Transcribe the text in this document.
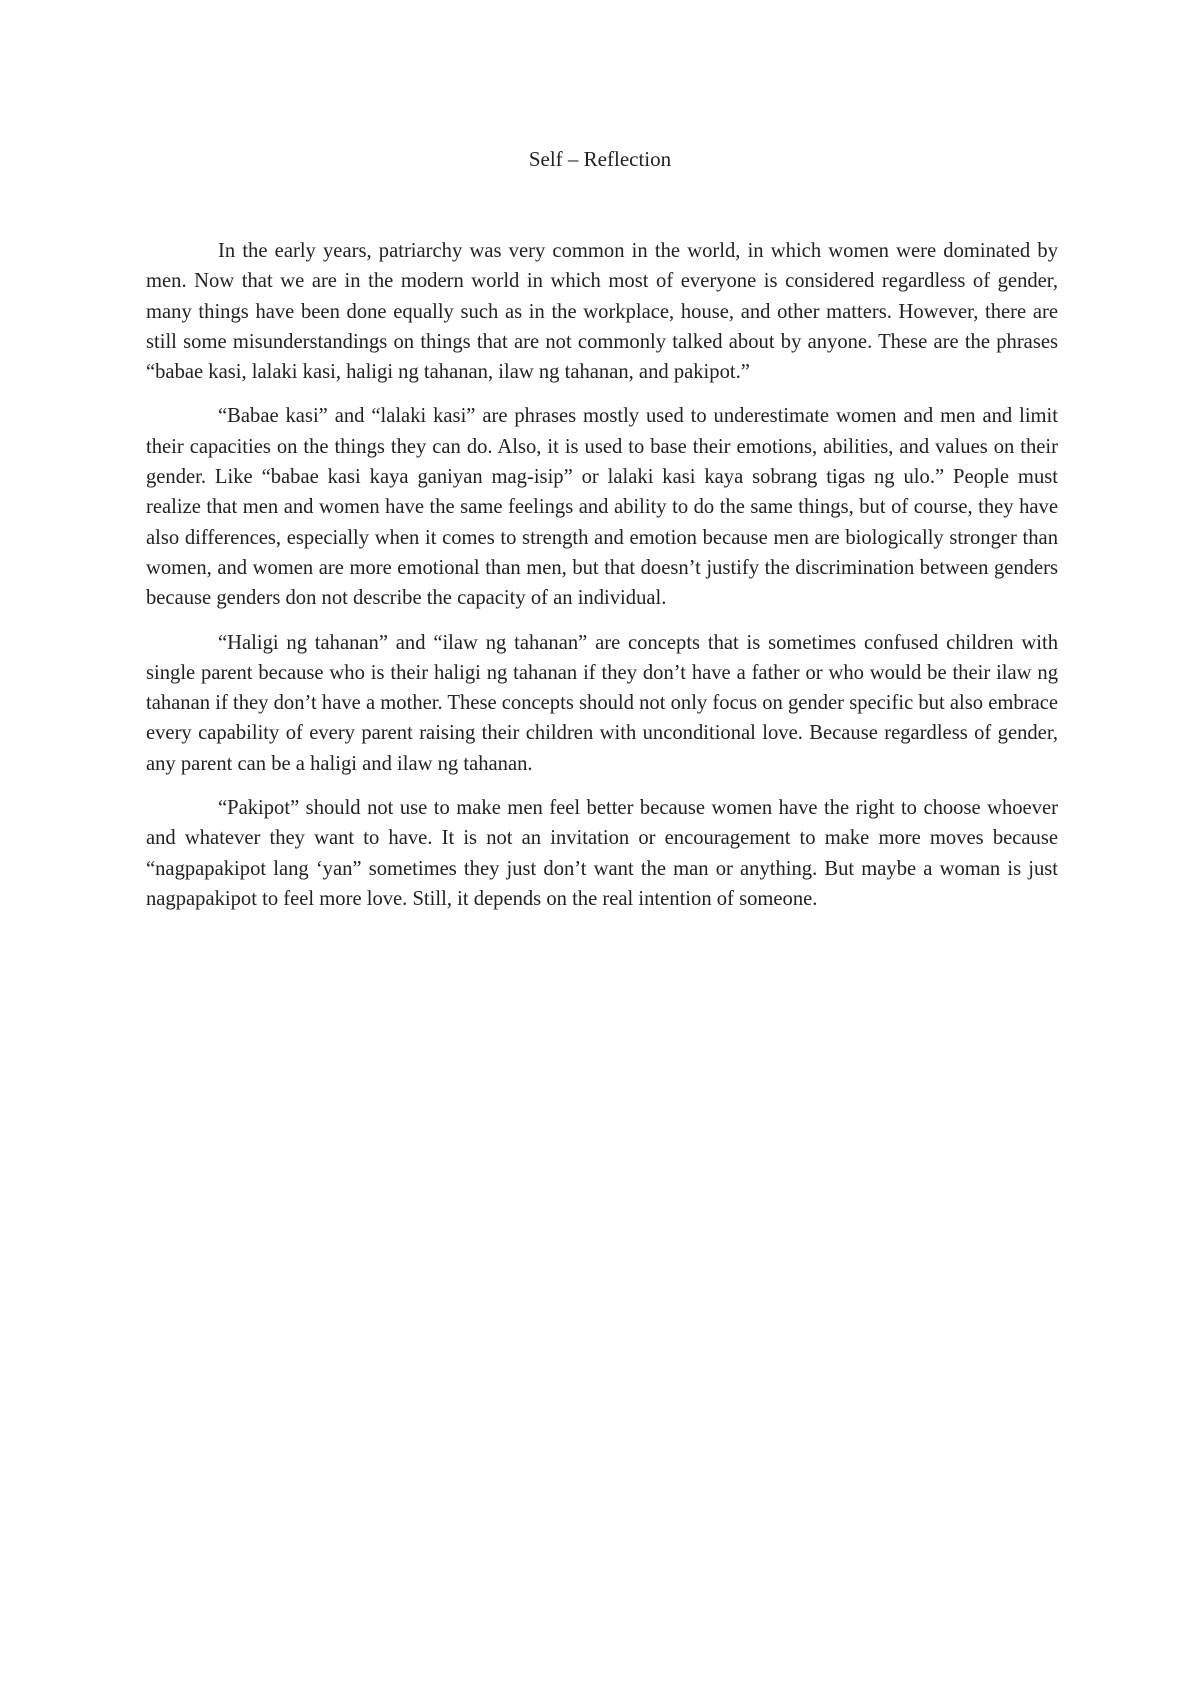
Self – Reflection

In the early years, patriarchy was very common in the world, in which women were dominated by men. Now that we are in the modern world in which most of everyone is considered regardless of gender, many things have been done equally such as in the workplace, house, and other matters. However, there are still some misunderstandings on things that are not commonly talked about by anyone. These are the phrases “babae kasi, lalaki kasi, haligi ng tahanan, ilaw ng tahanan, and pakipot.”

“Babae kasi” and “lalaki kasi” are phrases mostly used to underestimate women and men and limit their capacities on the things they can do. Also, it is used to base their emotions, abilities, and values on their gender. Like “babae kasi kaya ganiyan mag-isip” or lalaki kasi kaya sobrang tigas ng ulo.” People must realize that men and women have the same feelings and ability to do the same things, but of course, they have also differences, especially when it comes to strength and emotion because men are biologically stronger than women, and women are more emotional than men, but that doesn’t justify the discrimination between genders because genders don not describe the capacity of an individual.

“Haligi ng tahanan” and “ilaw ng tahanan” are concepts that is sometimes confused children with single parent because who is their haligi ng tahanan if they don’t have a father or who would be their ilaw ng tahanan if they don’t have a mother. These concepts should not only focus on gender specific but also embrace every capability of every parent raising their children with unconditional love. Because regardless of gender, any parent can be a haligi and ilaw ng tahanan.

“Pakipot” should not use to make men feel better because women have the right to choose whoever and whatever they want to have. It is not an invitation or encouragement to make more moves because “nagpapakipot lang ‘yan” sometimes they just don’t want the man or anything. But maybe a woman is just nagpapakipot to feel more love. Still, it depends on the real intention of someone.
